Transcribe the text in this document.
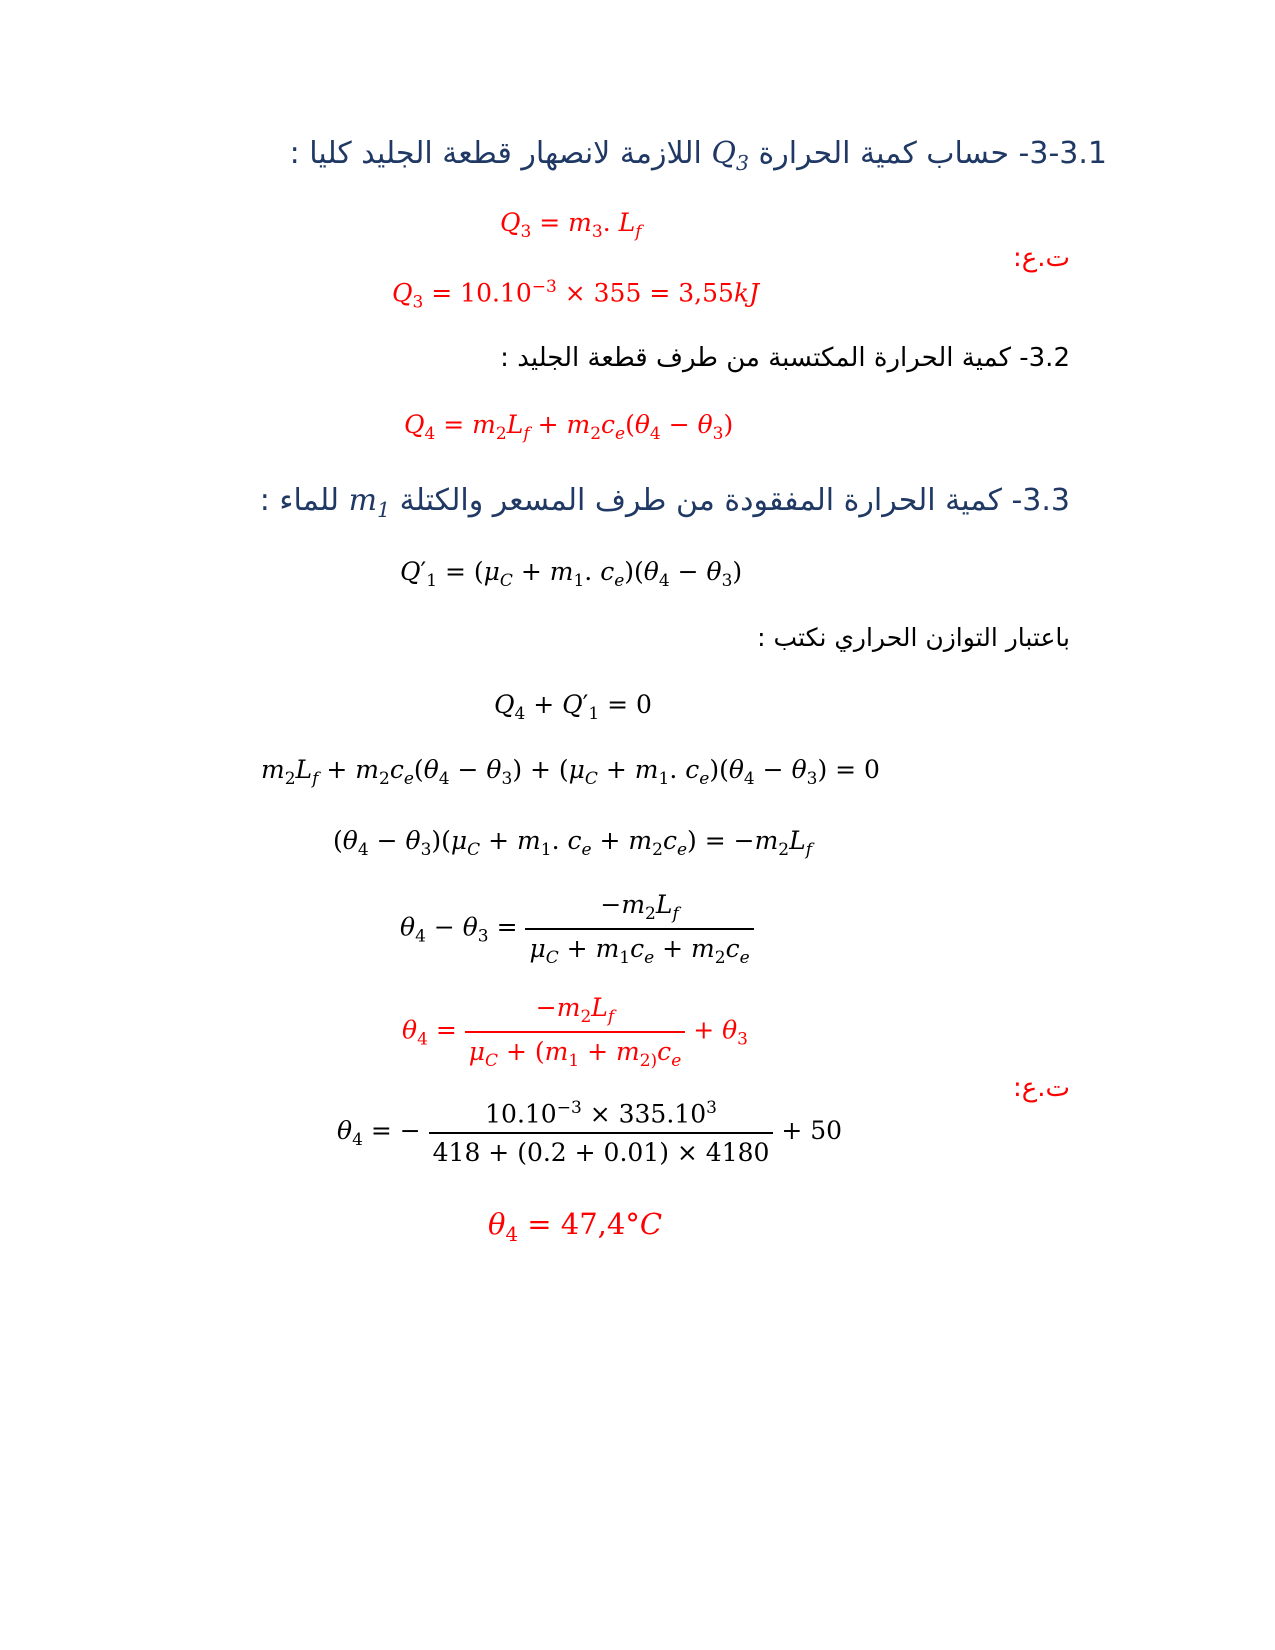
3-3.1- حساب كمية الحرارة $Q_3$ اللازمة لانصهار قطعة الجليد كليا :
$Q_3 = m_3$. $L_f$
ت.ع:
$Q_3 = 10.10^{-3} \times 355 = 3,55kJ$
3.2- كمية الحرارة المكتسبة من طرف قطعة الجليد :
$Q_4 = m_2L_f + m_2c_e(\theta_4 - \theta_3)$
3.3- كمية الحرارة المفقودة من طرف المسعر والكتلة $m_1$ للماء :
$Q'_1 = (\mu_C + m_1$. $c_e)(\theta_4 - \theta_3)$
باعتبار التوازن الحراري نكتب :
$Q_4 + Q'_1 = 0$
$m_2L_f + m_2c_e(\theta_4 - \theta_3) + (\mu_C + m_1$. $c_e)(\theta_4 - \theta_3) = 0$
$(\theta_4 - \theta_3)(\mu_C + m_1$. $c_e + m_2c_e) = -m_2L_f$
$\theta_4 - \theta_3 = \frac{-m_2L_f}{\mu_C + m_1c_e + m_2c_e}$
$\theta_4 = \frac{-m_2L_f}{\mu_C + (m_1 + m_{2)}c_e} + \theta_3$
ت.ع:
$\theta_4$ = − $\frac{10.10^{-3} \times 335.10^3}{418 + (0.2 + 0.01) \times 4180} + 50$
$\theta_4 = 47,4^\circ C$
